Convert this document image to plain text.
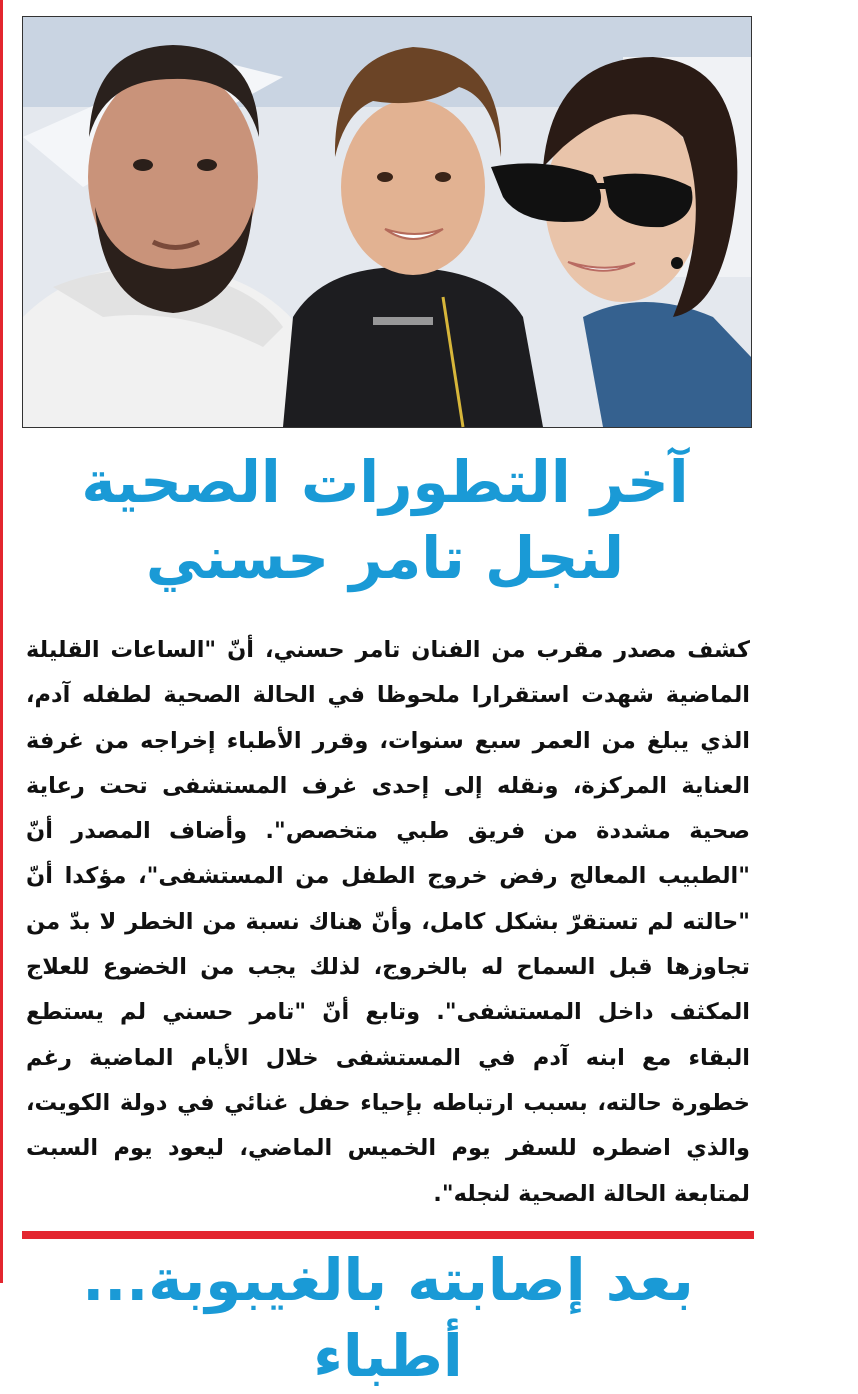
آخر التطورات الصحية
لنجل تامر حسني

كشف مصدر مقرب من الفنان تامر حسني، أنّ "الساعات القليلة الماضية شهدت استقرارا ملحوظا في الحالة الصحية لطفله آدم، الذي يبلغ من العمر سبع سنوات، وقرر الأطباء إخراجه من غرفة العناية المركزة، ونقله إلى إحدى غرف المستشفى تحت رعاية صحية مشددة من فريق طبي متخصص". وأضاف المصدر أنّ "الطبيب المعالج رفض خروج الطفل من المستشفى"، مؤكدا أنّ "حالته لم تستقرّ بشكل كامل، وأنّ هناك نسبة من الخطر لا بدّ من تجاوزها قبل السماح له بالخروج، لذلك يجب من الخضوع للعلاج المكثف داخل المستشفى". وتابع أنّ "تامر حسني لم يستطع البقاء مع ابنه آدم في المستشفى خلال الأيام الماضية رغم خطورة حالته، بسبب ارتباطه بإحياء حفل غنائي في دولة الكويت، والذي اضطره للسفر يوم الخميس الماضي، ليعود يوم السبت لمتابعة الحالة الصحية لنجله".

بعد إصابته بالغيبوبة... أطباء
